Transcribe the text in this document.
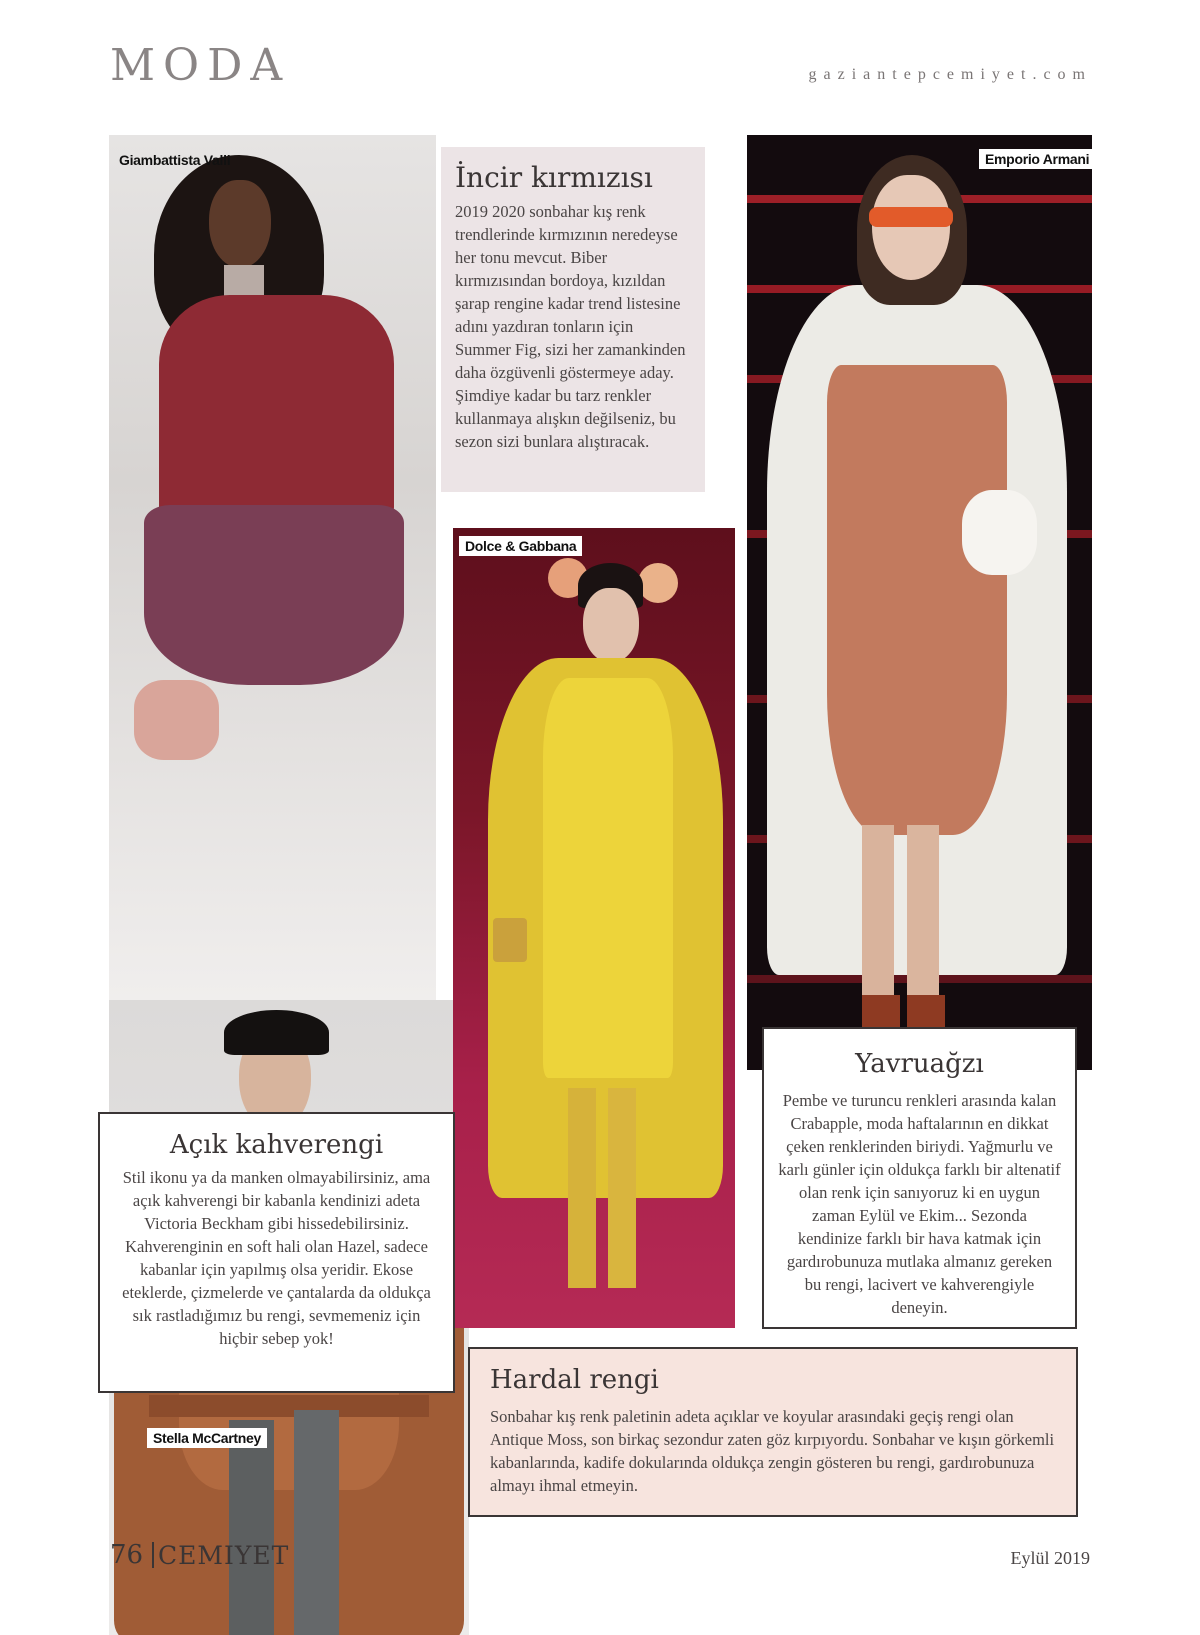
MODA	gaziantepcemiyet.com
Giambattista Valli
Stella McCartney
Dolce & Gabbana
Emporio Armani
İncir kırmızısı

2019 2020 sonbahar kış renk trendlerinde kırmızının neredeyse her tonu mevcut. Biber kırmızısından bordoya, kızıldan şarap rengine kadar trend listesine adını yazdıran tonların için Summer Fig, sizi her zamankinden daha özgüvenli göstermeye aday. Şimdiye kadar bu tarz renkler kullanmaya alışkın değilseniz, bu sezon sizi bunlara alıştıracak.

Yavruağzı

Pembe ve turuncu renkleri arasında kalan Crabapple, moda haftalarının en dikkat çeken renklerinden biriydi. Yağmurlu ve karlı günler için oldukça farklı bir altenatif olan renk için sanıyoruz ki en uygun zaman Eylül ve Ekim... Sezonda kendinize farklı bir hava katmak için gardırobunuza mutlaka almanız gereken bu rengi, lacivert ve kahverengiyle deneyin.

Açık kahverengi

Stil ikonu ya da manken olmayabilirsiniz, ama açık kahverengi bir kabanla kendinizi adeta Victoria Beckham gibi hissedebilirsiniz. Kahverenginin en soft hali olan Hazel, sadece kabanlar için yapılmış olsa yeridir. Ekose eteklerde, çizmelerde ve çantalarda da oldukça sık rastladığımız bu rengi, sevmemeniz için hiçbir sebep yok!

Hardal rengi

Sonbahar kış renk paletinin adeta açıklar ve koyular arasındaki geçiş rengi olan Antique Moss, son birkaç sezondur zaten göz kırpıyordu. Sonbahar ve kışın görkemli kabanlarında, kadife dokularında oldukça zengin gösteren bu rengi, gardırobunuza almayı ihmal etmeyin.

76 CEMIYET	Eylül 2019
